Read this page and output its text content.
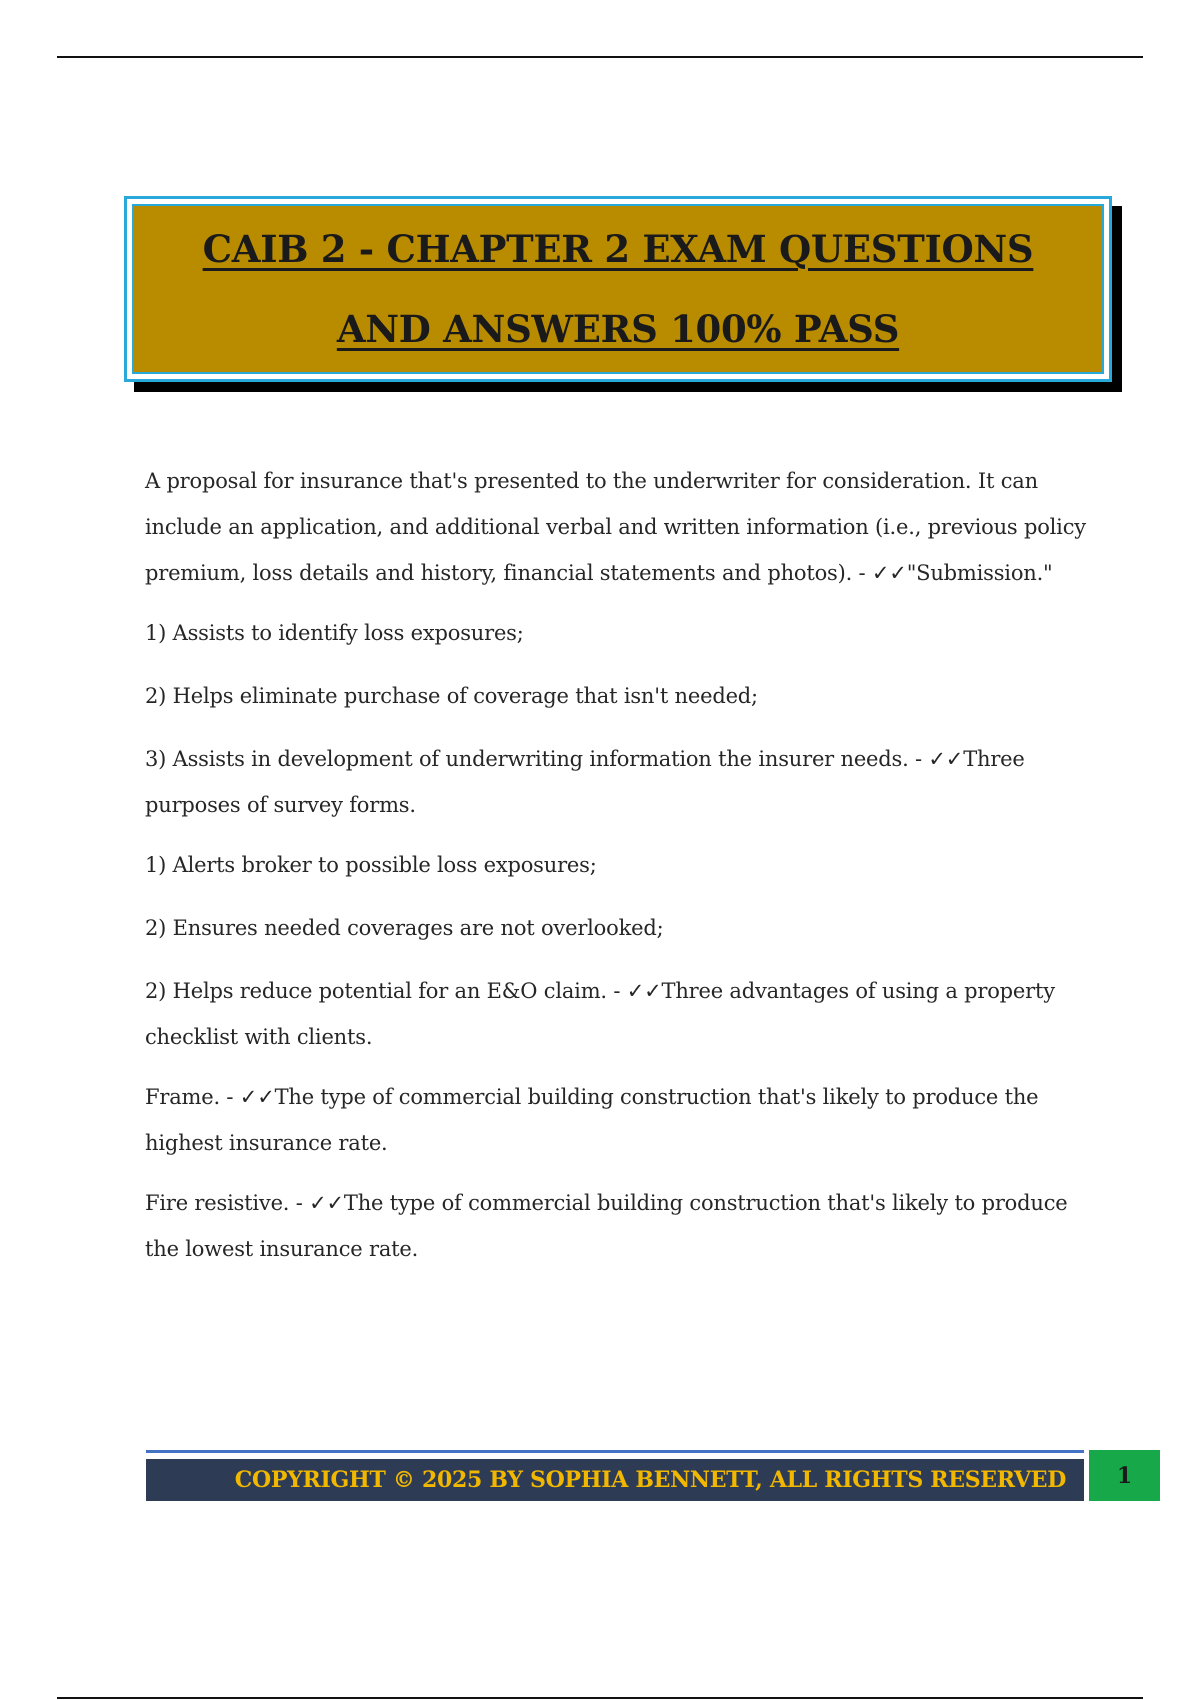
CAIB 2 - CHAPTER 2 EXAM QUESTIONS
AND ANSWERS 100% PASS

A proposal for insurance that's presented to the underwriter for consideration. It can include an application, and additional verbal and written information (i.e., previous policy premium, loss details and history, financial statements and photos). - ✓✓"Submission."

1) Assists to identify loss exposures;

2) Helps eliminate purchase of coverage that isn't needed;

3) Assists in development of underwriting information the insurer needs. - ✓✓Three purposes of survey forms.

1) Alerts broker to possible loss exposures;

2) Ensures needed coverages are not overlooked;

2) Helps reduce potential for an E&O claim. - ✓✓Three advantages of using a property checklist with clients.

Frame. - ✓✓The type of commercial building construction that's likely to produce the highest insurance rate.

Fire resistive. - ✓✓The type of commercial building construction that's likely to produce the lowest insurance rate.

COPYRIGHT © 2025 BY SOPHIA BENNETT, ALL RIGHTS RESERVED 1
